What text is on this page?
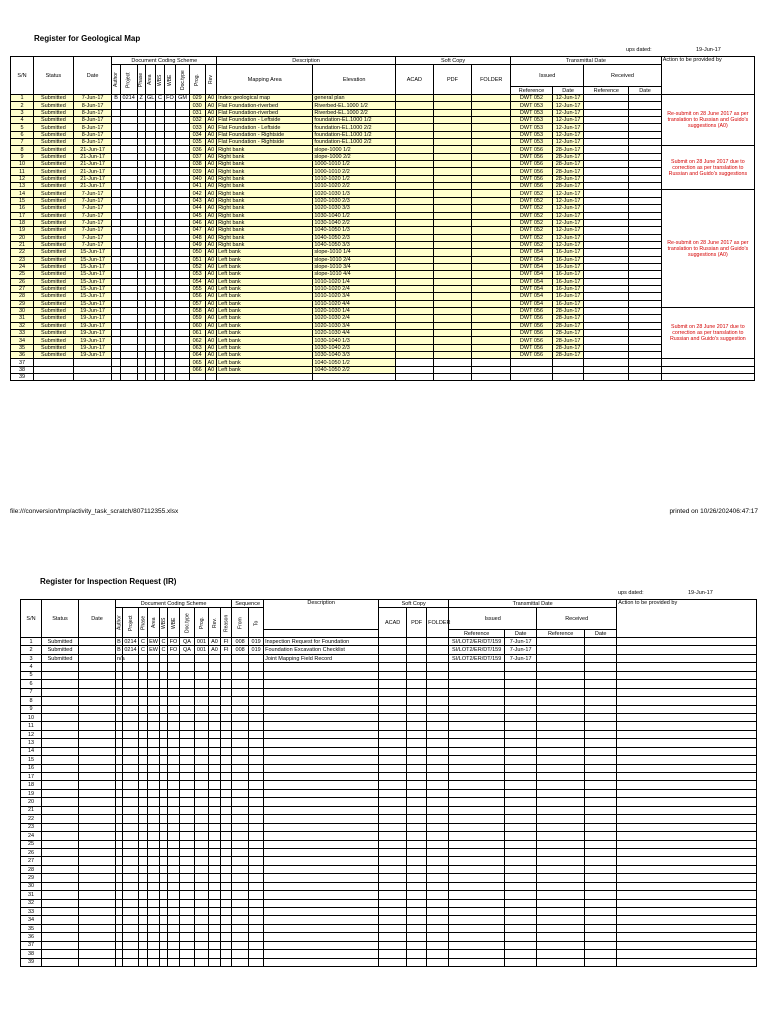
Register for Geological Map
ups dated:	19-Jun-17
S/N	Status	Date	Document Coding Scheme									Description		Soft Copy			Transmittal Date				Action to be provided by
			Author	Project	Phase	Area	WBS	WBE	Doc.type	Prog.	Rev	Mapping Area	Elevation	ACAD	PDF	FOLDER	Issued		Received		
																	Reference	Date	Reference	Date	
1	Submitted	7-Jun-17	B	0214	Z	GL	C	FO	GM	029	A0	Index geological map	general plan				DWT 052	12-Jun-17			Re-submit on 28 June 2017 as per translation to Russian and Guido's suggestions (A0)
2	Submitted	8-Jun-17								030	A0	Flat Foundation-riverbed	Riverbed-EL.1000 1/2				DWT 053	12-Jun-17			
3	Submitted	8-Jun-17								031	A0	Flat Foundation-riverbed	Riverbed-EL.1000 2/2				DWT 053	12-Jun-17			
4	Submitted	8-Jun-17								032	A0	Flat Foundation - Leftside	foundation-EL.1000 1/2				DWT 053	12-Jun-17			
5	Submitted	8-Jun-17								033	A0	Flat Foundation - Leftside	foundation-EL.1000 2/2				DWT 053	12-Jun-17			
6	Submitted	8-Jun-17								034	A0	Flat Foundation - Rightside	foundation-EL.1000 1/2				DWT 053	12-Jun-17			
7	Submitted	8-Jun-17								035	A0	Flat Foundation - Rightside	foundation-EL.1000 2/2				DWT 053	12-Jun-17			
8	Submitted	21-Jun-17								036	A0	Right bank	slope-1000 1/2				DWT 056	28-Jun-17			Submit on 28 June 2017 due to correction as per translation to Russian and Guido's suggestions
9	Submitted	21-Jun-17								037	A0	Right bank	slope-1000 2/2				DWT 056	28-Jun-17			
10	Submitted	21-Jun-17								038	A0	Right bank	1000-1010 1/2				DWT 056	28-Jun-17			
11	Submitted	21-Jun-17								039	A0	Right bank	1000-1010 2/2				DWT 056	28-Jun-17			
12	Submitted	21-Jun-17								040	A0	Right bank	1010-1020 1/2				DWT 056	28-Jun-17			
13	Submitted	21-Jun-17								041	A0	Right bank	1010-1020 2/2				DWT 056	28-Jun-17			
14	Submitted	7-Jun-17								042	A0	Right bank	1020-1030 1/3				DWT 052	12-Jun-17			Re-submit on 28 June 2017 as per translation to Russian and Guido's suggestions (A0)
15	Submitted	7-Jun-17								043	A0	Right bank	1020-1030 2/3				DWT 052	12-Jun-17			
16	Submitted	7-Jun-17								044	A0	Right bank	1020-1030 3/3				DWT 052	12-Jun-17			
17	Submitted	7-Jun-17								045	A0	Right bank	1030-1040 1/2				DWT 052	12-Jun-17			
18	Submitted	7-Jun-17								046	A0	Right bank	1030-1040 2/2				DWT 052	12-Jun-17			
19	Submitted	7-Jun-17								047	A0	Right bank	1040-1050 1/3				DWT 052	12-Jun-17			
20	Submitted	7-Jun-17								048	A0	Right bank	1040-1050 2/3				DWT 052	12-Jun-17			
21	Submitted	7-Jun-17								049	A0	Right bank	1040-1050 3/3				DWT 052	12-Jun-17			
22	Submitted	15-Jun-17								050	A0	Left bank	slope-1010 1/4				DWT 054	16-Jun-17			
23	Submitted	15-Jun-17								051	A0	Left bank	slope-1010 2/4				DWT 054	16-Jun-17			
24	Submitted	15-Jun-17								052	A0	Left bank	slope-1010 3/4				DWT 054	16-Jun-17			
25	Submitted	15-Jun-17								053	A0	Left bank	slope-1010 4/4				DWT 054	16-Jun-17			
26	Submitted	15-Jun-17								054	A0	Left bank	1010-1020 1/4				DWT 054	16-Jun-17			
27	Submitted	15-Jun-17								055	A0	Left bank	1010-1020 2/4				DWT 054	16-Jun-17			
28	Submitted	15-Jun-17								056	A0	Left bank	1010-1020 3/4				DWT 054	16-Jun-17			
29	Submitted	15-Jun-17								057	A0	Left bank	1010-1020 4/4				DWT 054	16-Jun-17			
30	Submitted	19-Jun-17								058	A0	Left bank	1020-1030 1/4				DWT 056	28-Jun-17			Submit on 28 June 2017 due to correction as per translation to Russian and Guido's suggestion
31	Submitted	19-Jun-17								059	A0	Left bank	1020-1030 2/4				DWT 056	28-Jun-17			
32	Submitted	19-Jun-17								060	A0	Left bank	1020-1030 3/4				DWT 056	28-Jun-17			
33	Submitted	19-Jun-17								061	A0	Left bank	1020-1030 4/4				DWT 056	28-Jun-17			
34	Submitted	19-Jun-17								062	A0	Left bank	1030-1040 1/3				DWT 056	28-Jun-17			
35	Submitted	19-Jun-17								063	A0	Left bank	1030-1040 2/3				DWT 056	28-Jun-17			
36	Submitted	19-Jun-17								064	A0	Left bank	1030-1040 3/3				DWT 056	28-Jun-17			
37										065	A0	Left bank	1040-1050 1/2								
38										066	A0	Left bank	1040-1050 2/2								
39																					
file:///conversion/tmp/activity_task_scratch/807112355.xlsx	printed on 10/26/202406:47:17
Register for Inspection Request (IR)
ups dated:	19-Jun-17
S/N	Status	Date	Document Coding Scheme										Sequence		Description	Soft Copy			Transmittal Date				Action to be provided by
			Author	Project	Phase	Area	WBS	WBE	Doc.type	Prog.	Rev.	Reason	From	To		ACAD	PDF	FOLDER	Issued		Received		
																			Reference	Date	Reference	Date	
1	Submitted		B	0214	C	EW	C	FO	QA	001	A0	FI	008	019	Inspection Request for Foundation				SI/LOT2/ER/DT/159	7-Jun-17			
2	Submitted		B	0214	C	EW	C	FO	QA	001	A0	FI	008	019	Foundation Excavation Checklist				SI/LOT2/ER/DT/159	7-Jun-17			
3	Submitted		n/a												Joint Mapping Field Record				SI/LOT2/ER/DT/159	7-Jun-17			
4																							
5																							
6																							
7																							
8																							
9																							
10																							
11																							
12																							
13																							
14																							
15																							
16																							
17																							
18																							
19																							
20																							
21																							
22																							
23																							
24																							
25																							
26																							
27																							
28																							
29																							
30																							
31																							
32																							
33																							
34																							
35																							
36																							
37																							
38																							
39																							
